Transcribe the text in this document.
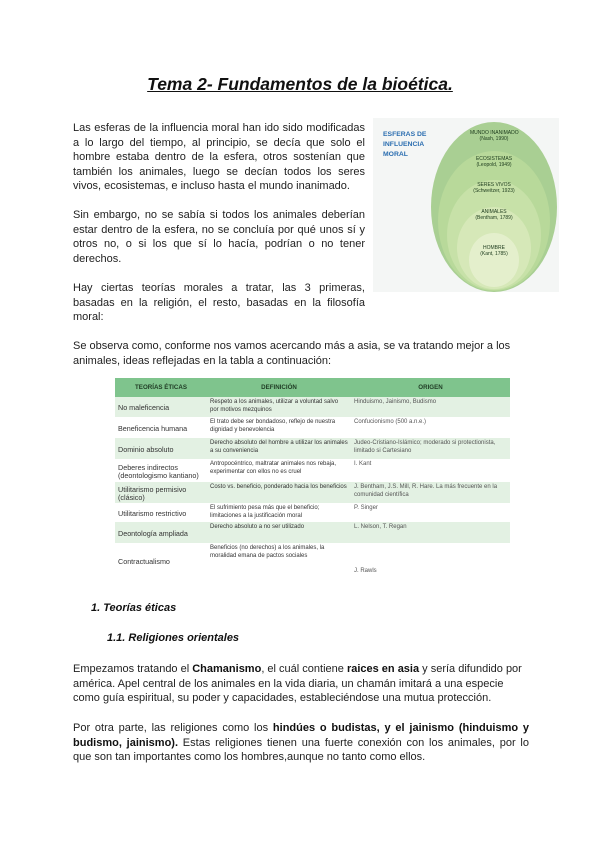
Tema 2- Fundamentos de la bioética.

Las esferas de la influencia moral han ido sido modificadas a lo largo del tiempo, al principio, se decía que solo el hombre estaba dentro de la esfera, otros sostenían que también los animales, luego se decían todos los seres vivos, ecosistemas, e incluso hasta el mundo inanimado.

Sin embargo, no se sabía si todos los animales deberían estar dentro de la esfera, no se concluía por qué unos sí y otros no, o si los que sí lo hacía, podrían o no tener derechos.

Hay ciertas teorías morales a tratar, las 3 primeras, basadas en la religión, el resto, basadas en la filosofía moral:

Se observa como, conforme nos vamos acercando más a asia, se va tratando mejor a los animales, ideas reflejadas en la tabla a continuación:

ESFERAS DE INFLUENCIA MORAL
MUNDO INANIMADO
(Nash, 1990)
ECOSISTEMAS
(Leopold, 1949)
SERES VIVOS
(Schweitzer, 1923)
ANIMALES
(Bentham, 1789)
HOMBRE
(Kant, 1785)
TEORÍAS ÉTICAS	DEFINICIÓN	ORIGEN
No maleficencia	Respeto a los animales, utilizar a voluntad salvo por motivos mezquinos	Hinduismo, Jainismo, Budismo
Beneficencia humana	El trato debe ser bondadoso, reflejo de nuestra dignidad y benevolencia	Confucionismo (500 a.n.e.)
Dominio absoluto	Derecho absoluto del hombre a utilizar los animales a su conveniencia	Judeo-Cristiano-Islámico; moderado si protectionista, limitado si Cartesiano
Deberes indirectos (deontologismo kantiano)	Antropocéntrico, maltratar animales nos rebaja, experimentar con ellos no es cruel	I. Kant
Utilitarismo permisivo (clásico)	Costo vs. beneficio, ponderado hacia los beneficios	J. Bentham, J.S. Mill, R. Hare. La más frecuente en la comunidad científica
Utilitarismo restrictivo	El sufrimiento pesa más que el beneficio; limitaciones a la justificación moral	P. Singer
Deontología ampliada	Derecho absoluto a no ser utilizado	L. Nelson, T. Regan
Contractualismo	Beneficios (no derechos) a los animales, la moralidad emana de pactos sociales	J. Rawls
1. Teorías éticas
1.1. Religiones orientales

Empezamos tratando el Chamanismo, el cuál contiene raices en asia y sería difundido por américa. Apel central de los animales en la vida diaria, un chamán imitará a una especie como guía espiritual, su poder y capacidades, estableciéndose una mutua protección.

Por otra parte, las religiones como los hindúes o budistas, y el jainismo (hinduismo y budismo, jainismo). Estas religiones tienen una fuerte conexión con los animales, por lo que son tan importantes como los hombres,aunque no tanto como ellos.
